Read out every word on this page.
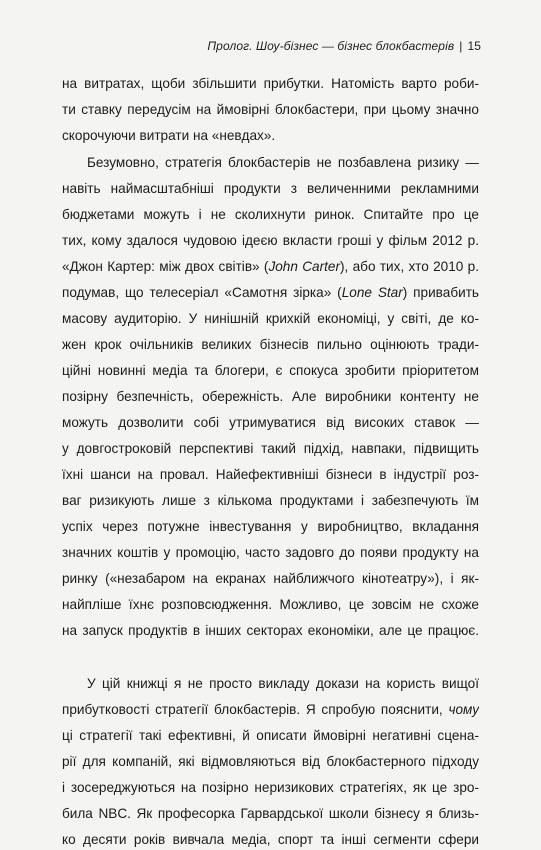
Пролог. Шоу-бізнес — бізнес блокбастерів | 15
на витратах, щоби збільшити прибутки. Натомість варто роби-
ти ставку передусім на ймовірні блокбастери, при цьому значно
скорочуючи витрати на «невдах».
Безумовно, стратегія блокбастерів не позбавлена ризику —
навіть наймасштабніші продукти з величенними рекламними
бюджетами можуть і не сколихнути ринок. Спитайте про це
тих, кому здалося чудовою ідеєю вкласти гроші у фільм 2012 р.
«Джон Картер: між двох світів» (John Carter), або тих, хто 2010 р.
подумав, що телесеріал «Самотня зірка» (Lone Star) привабить
масову аудиторію. У нинішній крихкій економіці, у світі, де ко-
жен крок очільників великих бізнесів пильно оцінюють тради-
ційні новинні медіа та блогери, є спокуса зробити пріоритетом
позірну безпечність, обережність. Але виробники контенту не
можуть дозволити собі утримуватися від високих ставок —
у довгостроковій перспективі такий підхід, навпаки, підвищить
їхні шанси на провал. Найефективніші бізнеси в індустрії роз-
ваг ризикують лише з кількома продуктами і забезпечують їм
успіх через потужне інвестування у виробництво, вкладання
значних коштів у промоцію, часто задовго до появи продукту на
ринку («незабаром на екранах найближчого кінотеатру»), і як-
найпліше їхнє розповсюдження. Можливо, це зовсім не схоже
на запуск продуктів в інших секторах економіки, але це працює.
У цій книжці я не просто викладу докази на користь вищої
прибутковості стратегії блокбастерів. Я спробую пояснити, чому
ці стратегії такі ефективні, й описати ймовірні негативні сцена-
рії для компаній, які відмовляються від блокбастерного підходу
і зосереджуються на позірно неризикових стратегіях, як це зро-
била NBC. Як професорка Гарвардської школи бізнесу я близь-
ко десяти років вивчала медіа, спорт та інші сегменти сфери
